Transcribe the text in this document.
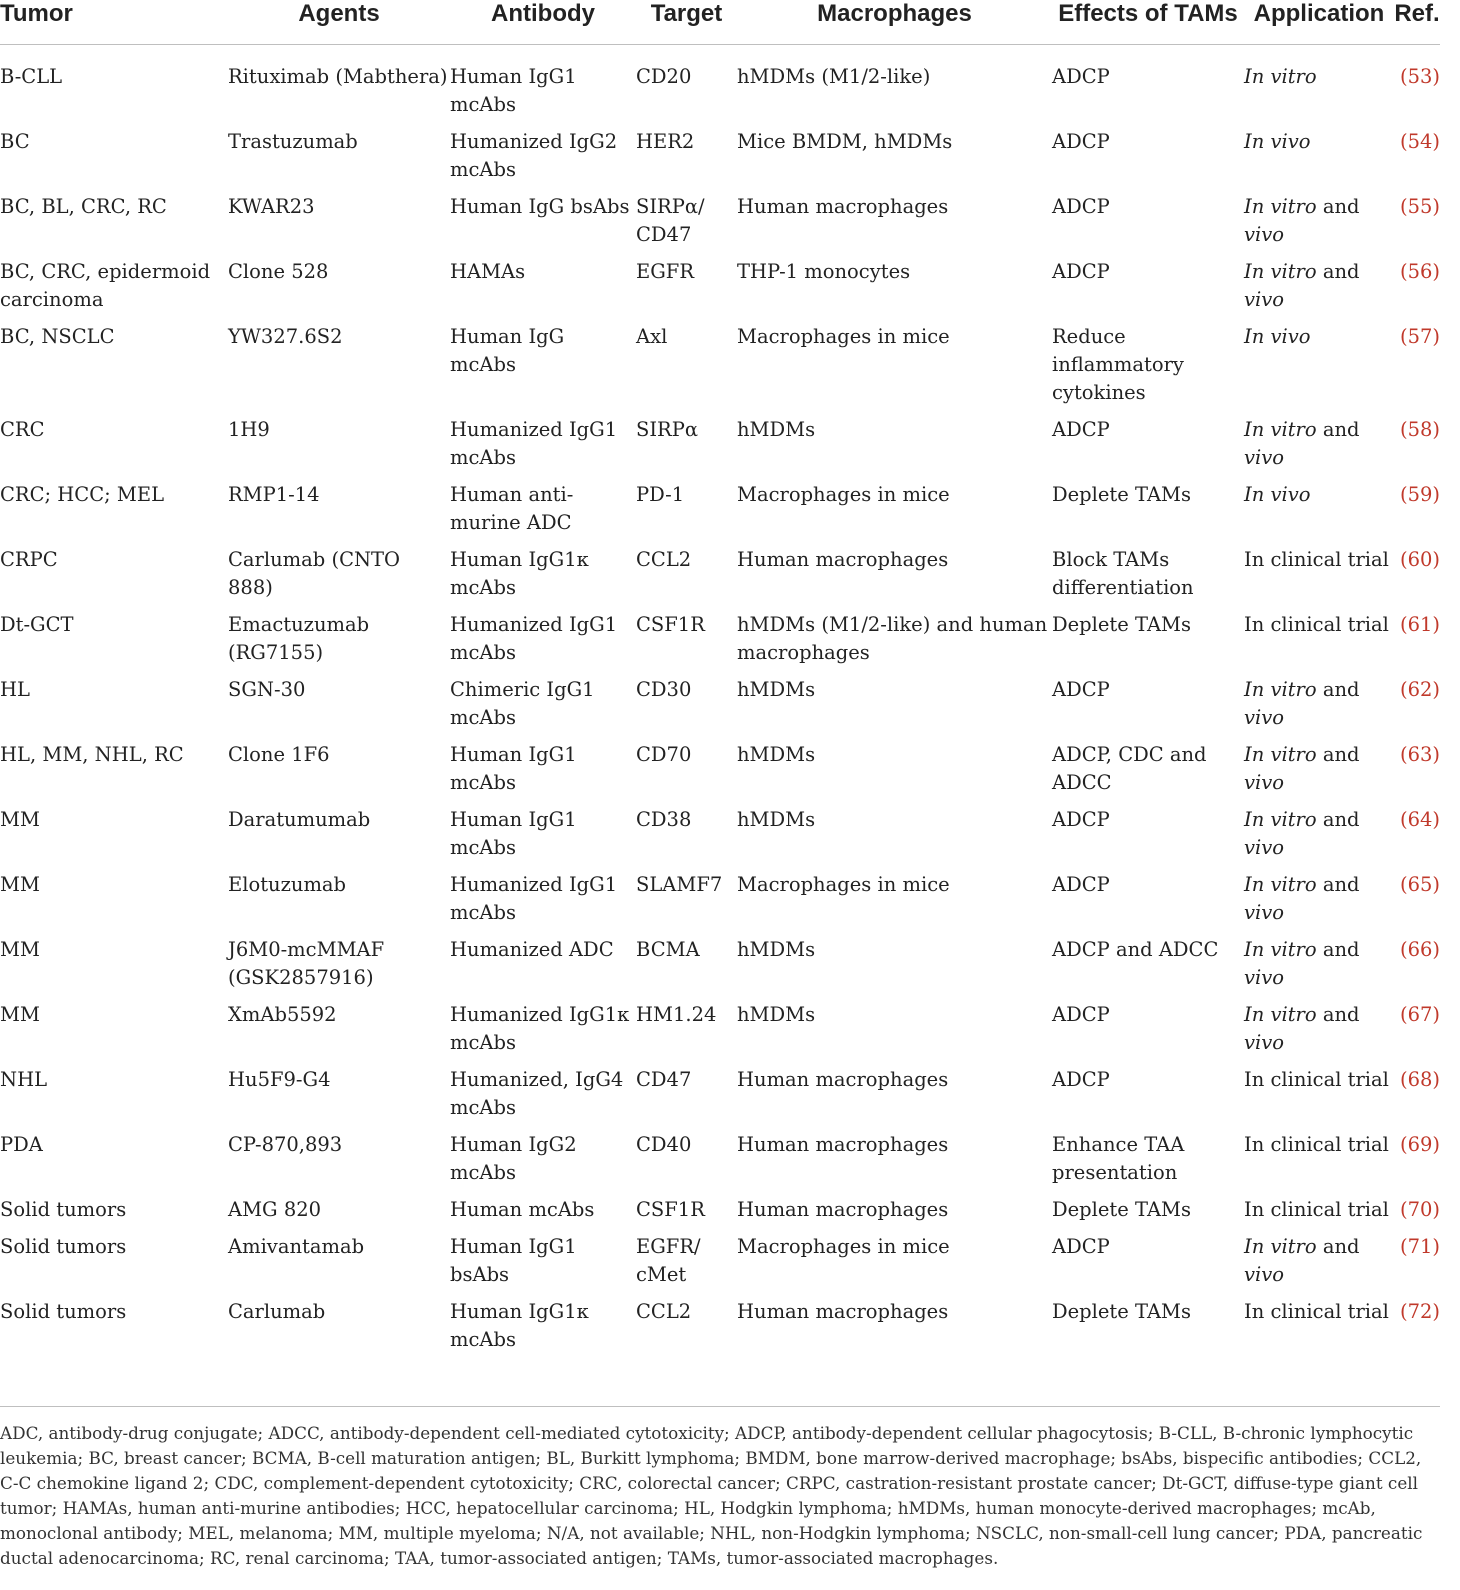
Tumor	Agents	Antibody	Target	Macrophages	Effects of TAMs	Application	Ref.
B-CLL	Rituximab (Mabthera)	Human IgG1 mcAbs	CD20	hMDMs (M1/2-like)	ADCP	In vitro	(53)
BC	Trastuzumab	Humanized IgG2 mcAbs	HER2	Mice BMDM, hMDMs	ADCP	In vivo	(54)
BC, BL, CRC, RC	KWAR23	Human IgG bsAbs	SIRPα/ CD47	Human macrophages	ADCP	In vitro and vivo	(55)
BC, CRC, epidermoid carcinoma	Clone 528	HAMAs	EGFR	THP-1 monocytes	ADCP	In vitro and vivo	(56)
BC, NSCLC	YW327.6S2	Human IgG mcAbs	Axl	Macrophages in mice	Reduce inflammatory cytokines	In vivo	(57)
CRC	1H9	Humanized IgG1 mcAbs	SIRPα	hMDMs	ADCP	In vitro and vivo	(58)
CRC; HCC; MEL	RMP1-14	Human anti-murine ADC	PD-1	Macrophages in mice	Deplete TAMs	In vivo	(59)
CRPC	Carlumab (CNTO 888)	Human IgG1κ mcAbs	CCL2	Human macrophages	Block TAMs differentiation	In clinical trial	(60)
Dt-GCT	Emactuzumab (RG7155)	Humanized IgG1 mcAbs	CSF1R	hMDMs (M1/2-like) and human macrophages	Deplete TAMs	In clinical trial	(61)
HL	SGN-30	Chimeric IgG1 mcAbs	CD30	hMDMs	ADCP	In vitro and vivo	(62)
HL, MM, NHL, RC	Clone 1F6	Human IgG1 mcAbs	CD70	hMDMs	ADCP, CDC and ADCC	In vitro and vivo	(63)
MM	Daratumumab	Human IgG1 mcAbs	CD38	hMDMs	ADCP	In vitro and vivo	(64)
MM	Elotuzumab	Humanized IgG1 mcAbs	SLAMF7	Macrophages in mice	ADCP	In vitro and vivo	(65)
MM	J6M0-mcMMAF (GSK2857916)	Humanized ADC	BCMA	hMDMs	ADCP and ADCC	In vitro and vivo	(66)
MM	XmAb5592	Humanized IgG1κ mcAbs	HM1.24	hMDMs	ADCP	In vitro and vivo	(67)
NHL	Hu5F9-G4	Humanized, IgG4 mcAbs	CD47	Human macrophages	ADCP	In clinical trial	(68)
PDA	CP-870,893	Human IgG2 mcAbs	CD40	Human macrophages	Enhance TAA presentation	In clinical trial	(69)
Solid tumors	AMG 820	Human mcAbs	CSF1R	Human macrophages	Deplete TAMs	In clinical trial	(70)
Solid tumors	Amivantamab	Human IgG1 bsAbs	EGFR/ cMet	Macrophages in mice	ADCP	In vitro and vivo	(71)
Solid tumors	Carlumab	Human IgG1κ mcAbs	CCL2	Human macrophages	Deplete TAMs	In clinical trial	(72)
ADC, antibody-drug conjugate; ADCC, antibody-dependent cell-mediated cytotoxicity; ADCP, antibody-dependent cellular phagocytosis; B-CLL, B-chronic lymphocytic leukemia; BC, breast cancer; BCMA, B-cell maturation antigen; BL, Burkitt lymphoma; BMDM, bone marrow-derived macrophage; bsAbs, bispecific antibodies; CCL2, C-C chemokine ligand 2; CDC, complement-dependent cytotoxicity; CRC, colorectal cancer; CRPC, castration-resistant prostate cancer; Dt-GCT, diffuse-type giant cell tumor; HAMAs, human anti-murine antibodies; HCC, hepatocellular carcinoma; HL, Hodgkin lymphoma; hMDMs, human monocyte-derived macrophages; mcAb, monoclonal antibody; MEL, melanoma; MM, multiple myeloma; N/A, not available; NHL, non-Hodgkin lymphoma; NSCLC, non-small-cell lung cancer; PDA, pancreatic ductal adenocarcinoma; RC, renal carcinoma; TAA, tumor-associated antigen; TAMs, tumor-associated macrophages.
